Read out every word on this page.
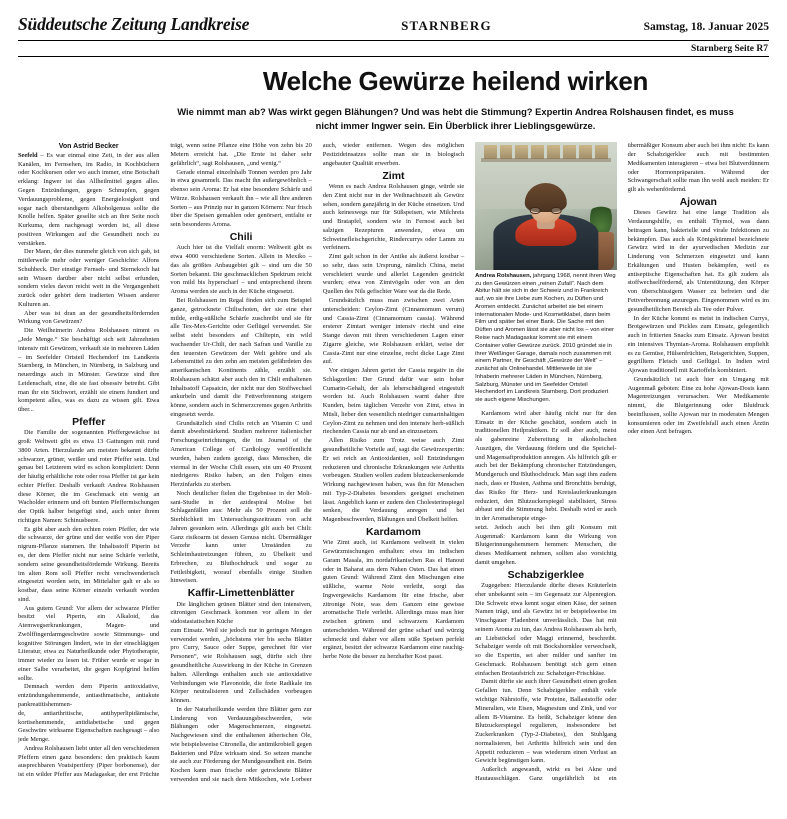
Süddeutsche Zeitung Landkreise	STARNBERG	Samstag, 18. Januar 2025
Starnberg Seite R7
Welche Gewürze heilend wirken
Wie nimmt man ab? Was wirkt gegen Blähungen? Und was hebt die Stimmung? Expertin Andrea Rolshausen findet, es muss nicht immer Ingwer sein. Ein Überblick ihrer Lieblingsgewürze.

Von Astrid Becker

Seefeld – Es war einmal eine Zeit, in der aus allen Kanälen, im Fernsehen, im Radio, in Kochbüchern oder Kochkursen oder wo auch immer, eine Botschaft erklang: Ingwer ist das Allheilmittel gegen alles. Gegen Entzündungen, gegen Schnupfen, gegen Verdauungsprobleme, gegen Energielosigkeit und sogar nach überstandigem Alkoholgenuss sollte die Knolle helfen. Später gesellte sich an ihre Seite noch Kurkuma, dem nachgesagt worden ist, all diese positiven Wirkungen auf die Gesundheit noch zu verstärken.

Der Mann, der dies nunmehr gleich von sich gab, ist mittlerweile mehr oder weniger Geschichte: Alfons Schuhbeck. Der einstige Fernseh- und Sternekoch hat sein Wissen darüber aber nicht selbst erfunden, sondern vieles davon reicht weit in die Vergangenheit zurück oder gehört dem tradierten Wissen anderer Kulturen an.

Aber was ist dran an der gesundheitsfördernden Wirkung von Gewürzen?

Die Weilheimerin Andrea Rolshausen nimmt es „Jede Menge.“ Sie beschäftigt sich seit Jahrzehnten intensiv mit Gewürzen, verkauft sie in mehreren Läden – im Seefelder Ortsteil Hechendorf im Landkreis Starnberg, in München, in Nürnberg, in Salzburg und neuerdings auch in Münster. Gewürze sind ihre Leidenschaft, eine, die sie fast obsessiv betreibt. Gibt man ihr ein Stichwort, erzählt sie einem fundiert und kompetent alles, was es dazu zu wissen gilt. Etwa über...

Pfeffer

Die Familie der sogenannten Pfeffergewächse ist groß: Weltweit gibt es etwa 13 Gattungen mit rund 3800 Arten. Hierzulande am meisten bekannt dürfte schwarzer, grüner, weißer und roter Pfeffer sein. Und genau bei Letzterem wird es schon kompliziert: Denn der häufig erhältliche rote oder rosa Pfeffer ist gar kein echter Pfeffer. Deshalb verkauft Andrea Rolshausen diese Körner, die im Geschmack ein wenig an Wacholder erinnern und oft bunten Pfeffermischungen der Optik halber beigefügt sind, auch unter ihrem richtigen Namen: Schinusbeere.

Es gibt aber auch den echten roten Pfeffer, der wie die schwarze, der grüne und der weiße von der Piper nigrum-Pflanze stammen. Ihr Inhaltsstoff Piperin ist es, der dem Pfeffer nicht nur seine Schärfe verleiht, sondern seine gesundheitsfördernde Wirkung. Bereits im alten Rom soll Pfeffer recht verschwenderisch eingesetzt worden sein, im Mittelalter galt er als so kostbar, dass seine Körner einzeln verkauft worden sind.

Aus gutem Grund: Vor allem der schwarze Pfeffer besitzt viel Piperin, ein Alkaloid, das Atemwegserkrankungen, Magen- und Zwölffingerdarmgeschwüre sowie Stimmungs- und kognitive Störungen lindert, wie in der einschlägigen Literatur, etwa zu Naturheilkunde oder Phytotherapie, immer wieder zu lesen ist. Früher wurde er sogar in einer Salbe verarbeitet, die gegen Kopfgrind helfen sollte.

Demnach werden dem Piperin antioxidative, entzündungshemmende, antiasthmatische, antiakute pankreatitishemmen-

de, antiarthritische, antihyperlipidämische, kortisehemmende, antidiabetische und gegen Geschwüre wirksame Eigenschaften nachgesagt – also jede Menge.

Andrea Rolshausen liebt unter all den verschiedenen Pfeffern einen ganz besonders: den praktisch kaum ausprechbaren Voatsiperifery (Piper borbonense), der ist ein wilder Pfeffer aus Madagaskar, der erst Früchte trägt, wenn seine Pflanze eine Höhe von zehn bis 20 Metern erreicht hat. „Die Ernte ist daher sehr gefährlich“, sagt Rolshausen, „und wenig.“

Gerade einmal einzelnhalb Tonnen werden pro Jahr in etwa gesammelt. Das macht ihn außergewöhnlich – ebenso sein Aroma: Er hat eine besondere Schärfe und Würze. Rolshausen verkauft ihn – wie all ihre anderen Sorten – aus Prinzip nur in ganzen Körnern: Nur frisch über die Speisen gemahlen oder genörsert, entfalte er sein besonderes Aroma.

Chili

Auch hier ist die Vielfalt enorm: Weltweit gibt es etwa 4000 verschiedene Sorten. Allein in Mexiko – das als größtes Anbaugebiet gilt – sind um die 50 Sorten bekannt. Die geschmacklichen Spektrum reicht von mild bis hyperscharf – und entsprechend ihrem Aroma werden sie auch in der Küche eingesetzt.

Bei Rolshausen im Regal finden sich zum Beispiel ganze, getrocknete Chilischoten, der sie eine eher milde, erdig-süßliche Schärfe zuschreibt und sie für alle Tex-Mex-Gerichte oder Geflügel verwendet. Sie selbst steht besonders auf Chiltepin, ein wild wachsender Ur-Chili, der nach Safran und Vanille zu den teuersten Gewürzen der Welt gehöre und als Lebensmittel zu den zehn am meisten gefährdeten des amerikanischen Kontinents zähle, erzählt sie. Rolshausen schätzt aber auch den in Chili enthaltenen Inhaltsstoff Capsaicin, der nicht nur den Stoffwechsel ankurbeln und damit die Fettverbrennung steigern könne, sondern auch in Schmerzcremes gegen Arthritis eingesetzt werde.

Grundsätzlich sind Chilis reich an Vitamin C und damit abwehrstärkend. Studien mehrerer italienischer Forschungseinrichtungen, die im Journal of the American College of Cardiology veröffentlicht wurden, haben zudem gezeigt, dass Menschen, die viermal in der Woche Chili essen, ein um 40 Prozent niedrigeres Risiko haben, an den Folgen eines Herzinfarkts zu sterben.

Noch deutlicher fielen die Ergebnisse in der Moli-sani-Studie in der azidespiral Molise bei Schlaganfällen aus: Mehr als 50 Prozent soll die Sterblichkeit im Untersuchungszeitraum von acht Jahren gesunken sein. Allerdings gilt auch bei Chili: Ganz risikoarm ist dessen Genuss nicht. Übermäßiger Verzehr kann unter Umständen zu Schleimhautreizungen führen, zu Übelkeit und Erbrechen, zu Bluthochdruck und sogar zu Fettleibigkeit, worauf ebenfalls einige Studien hinweisen.

Kaffir-Limettenblätter

Die länglichen grünen Blätter sind den intensiven, zitronigen Geschmack kommen vor allem in der südostasiatischen Küche

zum Einsatz. Weil sie jedoch nur in geringen Mengen verwendet werden, „höchstens vier bis sechs Blätter pro Curry, Sauce oder Suppe, gerechnet für vier Personen“, wie Rolshausen sagt, dürfte sich ihre gesundheitliche Auswirkung in der Küche in Grenzen halten. Allerdings enthalten auch sie antioxidative Verbindungen wie Flavonoide, die freie Radikale im Körper neutralisieren und Zellschäden vorbeugen können.

In der Naturheilkunde werden ihre Blätter gern zur Linderung von Verdauungsbeschwerden, wie Blähungen oder Magenschmerzen, eingesetzt. Nachgewiesen sind die enthaltenen ätherischen Öle, wie beispielsweise Citronella, die antimikrobiell gegen Bakterien und Pilze wirksam sind. So setzen manche sie auch zur Förderung der Mundgesundheit ein. Beim Kochen kann man frische oder getrocknete Blätter verwenden und sie nach dem Mitkochen, wie Lorbeer auch, wieder entfernen. Wegen des möglichen Pestizideinsatzes sollte man sie in biologisch angebauter Qualität erwerben.

Zimt

Wenn es nach Andrea Rolshausen ginge, würde sie den Zimt nicht nur in der Weihnachtszeit als Gewürz sehen, sondern ganzjährig in der Küche einsetzen. Und auch keineswegs nur für Süßspeisen, wie Milchreis und Bratapfel, sondern wie in Fernost auch bei salzigen Rezepturen anwenden, etwa um Schweinefleischgerichte, Rindercurrys oder Lamm zu verfeinern.

Zimt galt schon in der Antike als äußerst kostbar – so sehr, dass sein Ursprung, nämlich China, meist verschleiert wurde und allerlei Legenden gestrickt wurden; etwa von Zimtvögeln oder von an den Quellen des Nils gefischter Ware war da die Rede.

Grundsätzlich muss man zwischen zwei Arten unterscheiden: Ceylon-Zimt (Cinnamomum verum) und Cassia-Zimt (Cinnamomum cassia). Während ersterer Zimtart weniger intensiv riecht und eine Stange davon mit ihren verschiedenen Lagen einer Zigarre gleiche, wie Rolshausen erklärt, weise der Cassia-Zimt nur eine einzelne, recht dicke Lage Zimt auf.

Vor einigen Jahren geriet der Cassia negativ in die Schlagzeilen: Der Grund dafür war sein hoher Cumarin-Gehalt, der als leberschädigend eingestuft worden ist. Auch Rolshausen warnt daher ihre Kunden, beim täglichen Verzehr von Zimt, etwa in Müsli, lieber den wesentlich niedriger cumarinhaltigen Ceylon-Zimt zu nehmen und den intensiv herb-süßlich riechenden Cassia nur ab und an einzusetzen.

Allen Risiko zum Trotz weise auch Zimt gesundheitliche Vorteile auf, sagt die Gewürzexpertin: Er sei reich an Antioxidantien, soll Entzündungen reduzieren und chronische Erkrankungen wie Arthritis vorbeugen. Studien wollen zudem blutzuckersenkende Wirkung nachgewiesen haben, was ihn für Menschen mit Typ-2-Diabetes besonders geeignet erscheinen lässt. Angeblich kann er zudem den Cholesterinspiegel senken, die Verdauung anregen und bei Magenbeschwerden, Blähungen und Übelkeit helfen.

Kardamom

Wie Zimt auch, ist Kardamom weltweit in vielen Gewürzmischungen enthalten: etwa im indischen Garam Masala, im nordafrikanischen Ras el Hanout oder in Baharat aus dem Nahen Osten. Das hat einen guten Grund: Während Zimt den Mischungen eine süßliche, warme Note verleiht, sorgt das Ingwergewächs Kardamom für eine frische, aber zitronige Note, was dem Ganzen eine gewisse aromatische Tiefe verleiht. Allerdings muss man hier zwischen grünem und schwarzem Kardamom unterscheiden. Während der grüne scharf und würzig schmeckt und daher vor allem süße Speisen perfekt ergänzt, besitzt der schwarze Kardamom eine rauchig-herbe Note die besser zu herzhafter Kost passt.

Andrea Rolshausen, jahrgang 1968, nennt ihren Weg zu den Gewürzen einen „reinen Zufall“. Nach dem Abitur hält sie sich in der Schweiz und in Frankreich auf, wo sie ihre Liebe zum Kochen, zu Düften und Aromen entdeckt. Zunächst arbeitet sie bei einem internationalen Mode- und Kosmetiklabel, dann beim Film und später bei einer Bank. Die Sache mit den Düften und Aromen lässt sie aber nicht los – von einer Reise nach Madagaskar kommt sie mit einem Container voller Gewürze zurück. 2010 gründet sie in ihrer Weißinger Garage, damals noch zusammen mit einem Partner, ihr Geschäft „Gewürze der Welt“ – zunächst als Onlinehandel. Mittlerweile ist sie Inhaberin mehrerer Läden in München, Nürnberg, Salzburg, Münster und im Seefelder Ortsteil Hechendorf im Landkreis Starnberg. Dort produziert sie auch eigene Mischungen.

Kardamom wird aber häufig nicht nur für den Einsatz in der Küche geschätzt, sondern auch in traditionellen Heilpraktiken. Er soll aber auch, meist als gabenreine Zubereitung in alkoholischen Auszügen, die Verdauung fördern und die Speichel- und Magensaftproduktion anregen. Als hilfreich gilt er auch bei der Bekämpfung chronischer Entzündungen, Mundgeruch und Bluthochdruck. Man sagt ihm zudem nach, dass er Husten, Asthma und Bronchitis beruhigt, das Risiko für Herz- und Kreislauferkrankungen reduziert, den Blutzuckerspiegel stabilisiert, Stress abbaut und die Stimmung hebt. Deshalb wird er auch in der Aromatherapie einge-

setzt. Jedoch auch bei ihm gilt Konsum mit Augenmaß: Kardamom kann die Wirkung von Blutgerinnungshemmern hemmen: Menschen, die dieses Medikament nehmen, sollten also vorsichtig damit umgehen.

Schabzigerklee

Zugegeben: Hierzulande dürfte dieses Kräuterlein eher unbekannt sein – im Gegensatz zur Alpenregion. Die Schweiz etwa kennt sogar einen Käse, der seinen Namen trägt, und als Gewürz ist er beispielsweise im Vinschgauer Fladenbrot unverlässlich. Das hat mit seinem Aroma zu tun, das Andrea Rolshausen als herb, an Liebstöckel oder Maggi erinnernd, beschreibt. Schabziger werde oft mit Bockshornklee verwechselt, so die Expertin, sei aber milder und sanfter im Geschmack. Rolshausen benötigt sich gern einen einfachen Brotaufstrich zu: Schabziger-Frischkäse.

Damit dürfte sie auch ihrer Gesundheit einen großen Gefallen tun. Denn Schabzigerklee enthält viele wichtige Nährstoffe, wie Proteine, Ballaststoffe oder Mineralien, wie Eisen, Magnesium und Zink, und vor allem B-Vitamine. Es heißt, Schabziger könne den Blutzuckerspiegel regulieren, insbesondere bei Zuckerkranken (Typ-2-Diabetes), den Stuhlgang normalisieren, bei Arthritis hilfreich sein und den Appetit reduzieren – was wiederum einen Verlust an Gewicht begünstigen kann.

Außerlich angewandt, wirkt es bei Akne und Hautausschlägen. Ganz ungefährlich ist ein übermäßiger Konsum aber auch bei ihm nicht: Es kann der Schabzigerklee auch mit bestimmten Medikamenten interagieren – etwa bei Blutverdünnern oder Hormonpräparaten. Während der Schwangerschaft sollte man ihn wohl auch meiden: Er gilt als wehenfördernd.

Ajowan

Dieses Gewürz hat eine lange Tradition als Verdauungshilfe, es enthält Thymol, was dann beitragen kann, bakterielle und virale Infektionen zu bekämpfen. Das auch als Königskümmel bezeichnete Gewürz wird in der ayurvedischen Medizin zur Linderung von Schmerzen eingesetzt und kann Erkältungen und Husten bekämpfen, weil es antiseptische Eigenschaften hat. Es gilt zudem als stoffwechselfördernd, als Unterstützung, den Körper von überschüssigem Wasser zu befreien und die Fettverbrennung anzuregen. Eingenommen wird es im gesundheitlichen Bereich als Tee oder Pulver.

In der Küche kommt es meist in indischen Currys, Brotgewürzen und Pickles zum Einsatz, gelegentlich auch in fritierten Snacks zum Einsatz. Ajowan besitzt ein intensives Thymian-Aroma. Rolshausen empfiehlt es zu Gemüse, Hülsenfrüchten, Reisgerichten, Suppen, gegrilltem Fleisch und Geflügel. In Indien wird Ajowan traditionell mit Kartoffeln kombiniert.

Grundsätzlich ist auch hier ein Umgang mit Augenmaß geboten: Eine zu hohe Ajowan-Dosis kann Magenreizungen verursachen. Wer Medikamente nimmt, die Blutgerinnung oder Blutdruck beeinflussen, sollte Ajowan nur in moderaten Mengen konsumieren oder im Zweifelsfall auch einen Ärztin oder einen Arzt befragen.
